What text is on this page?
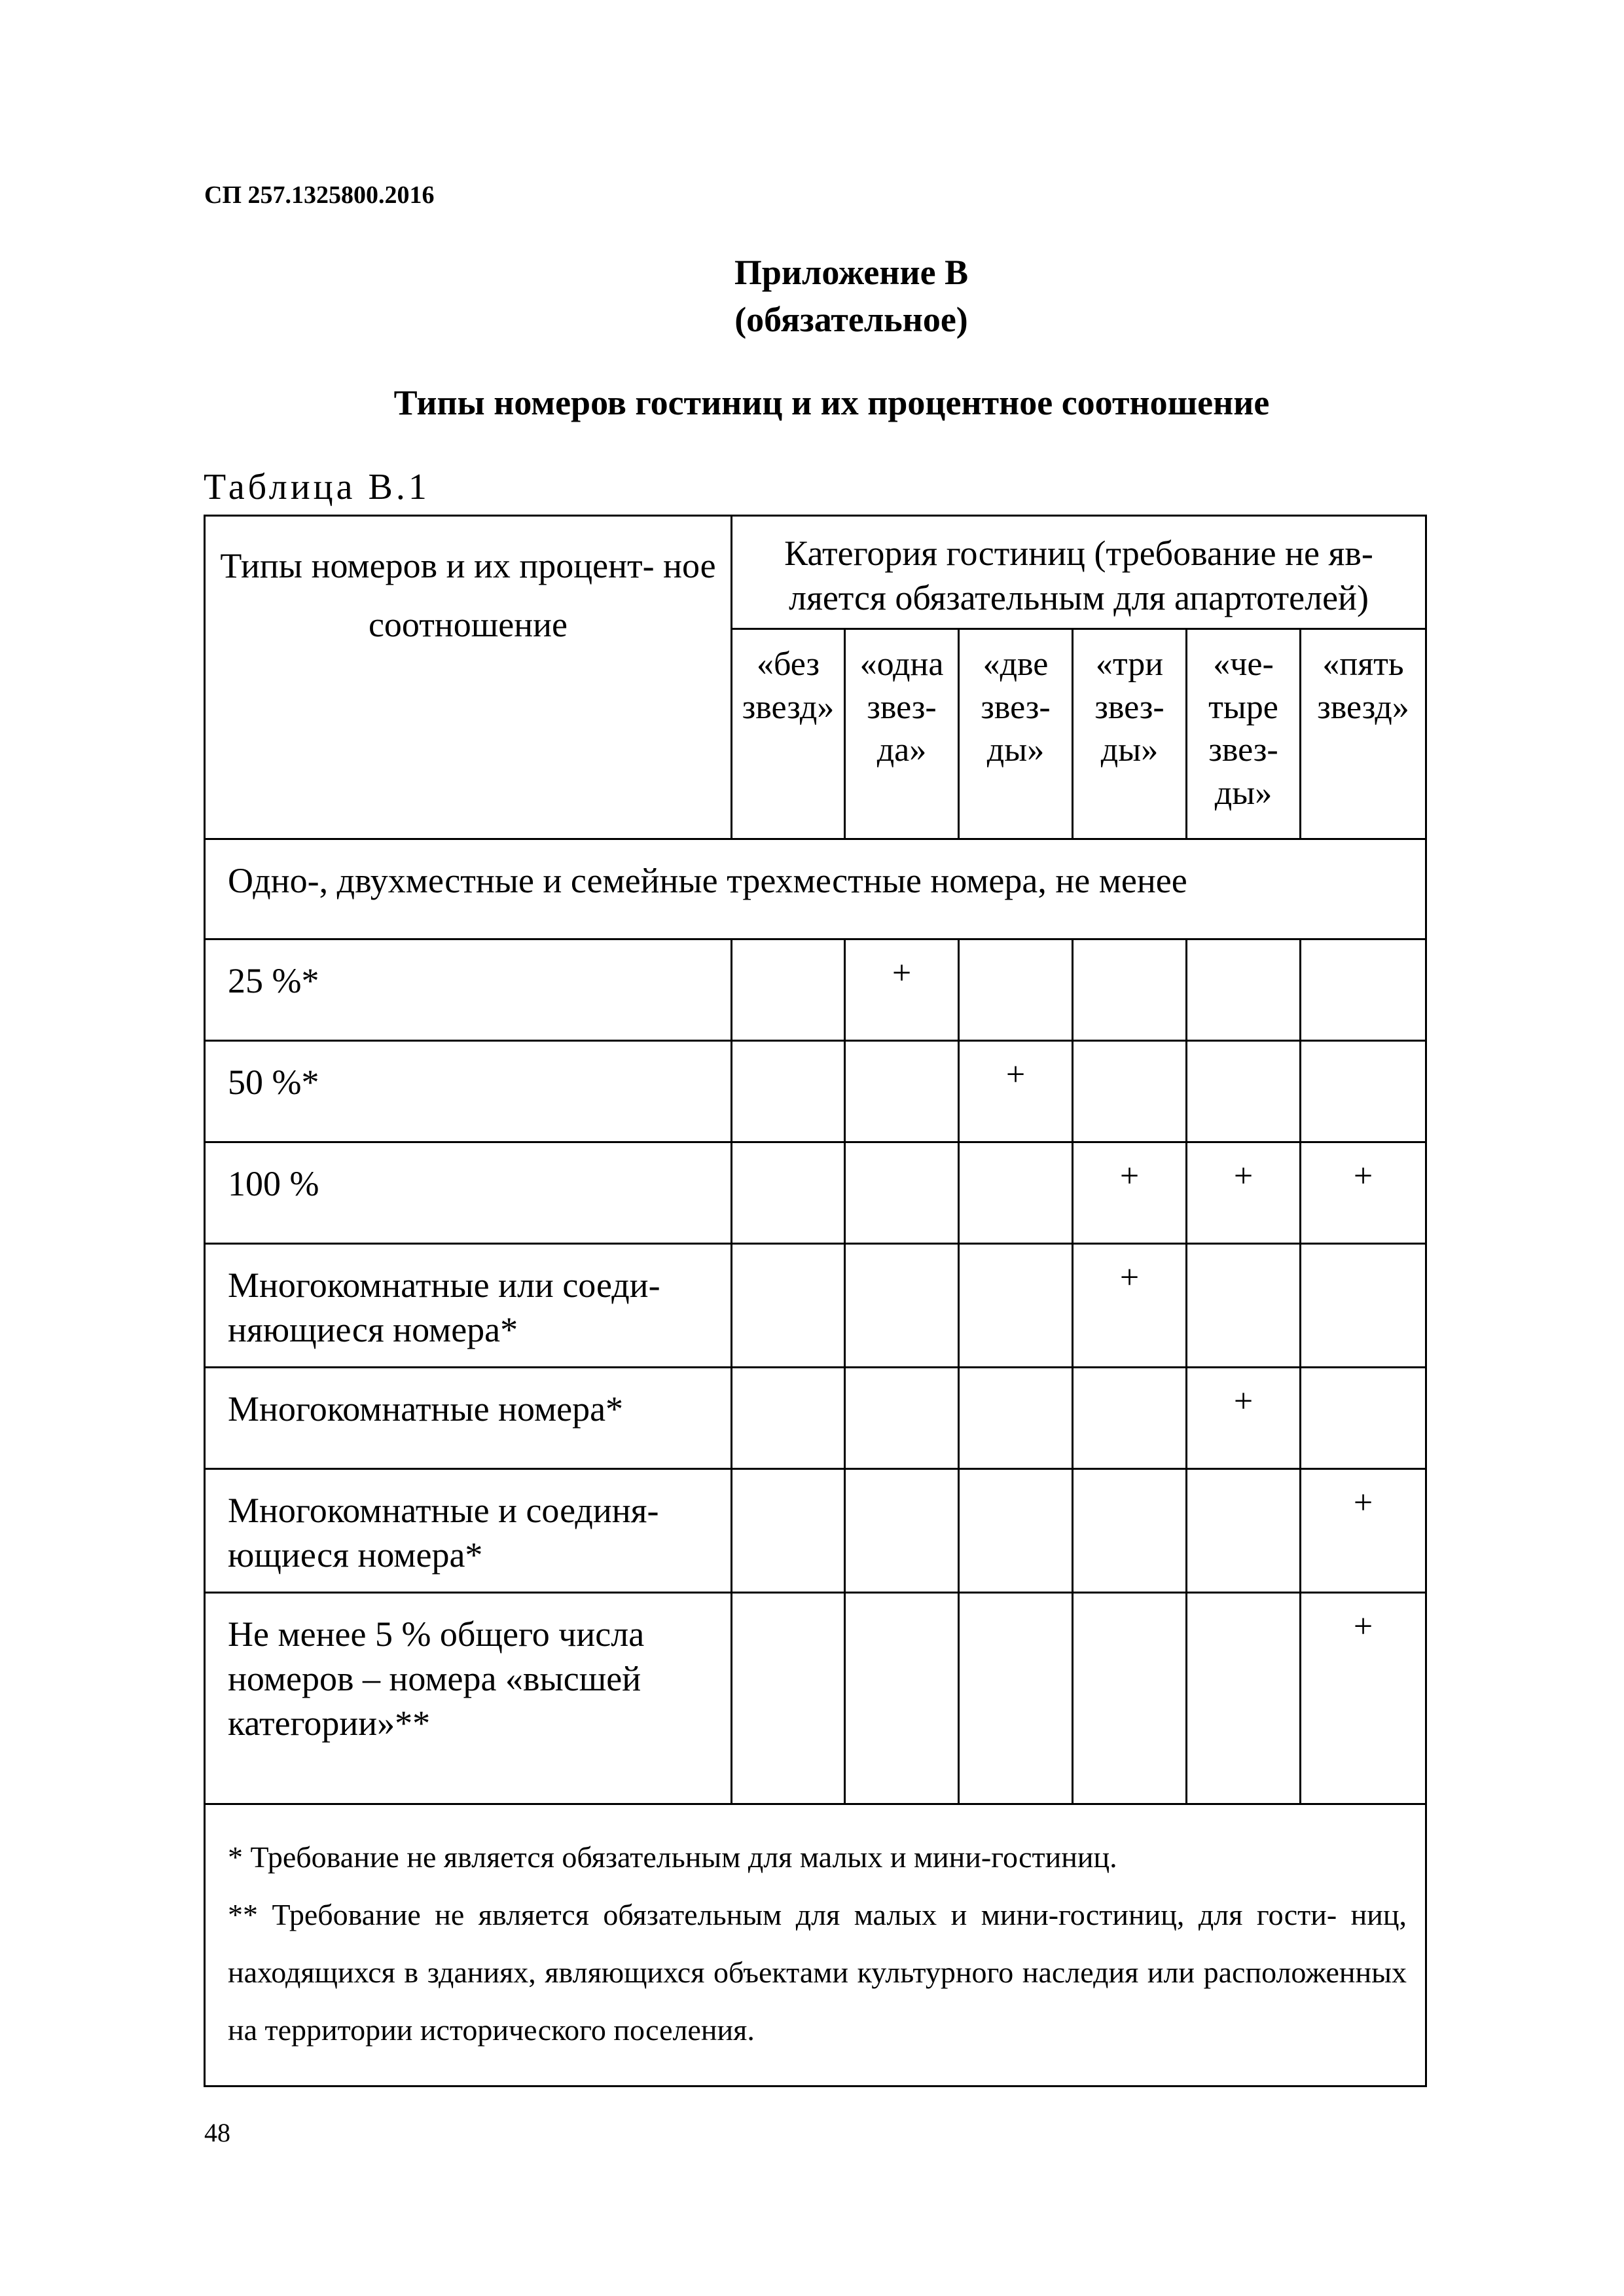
СП 257.1325800.2016
Приложение В
(обязательное)
Типы номеров гостиниц и их процентное соотношение
Таблица В.1
Типы номеров и их процент- ное соотношение	Категория гостиниц (требование не яв- ляется обязательным для апартотелей)					
	«без звезд»	«одна звез- да»	«две звез- ды»	«три звез- ды»	«че- тыре звез- ды»	«пять звезд»
Одно-, двухместные и семейные трехместные номера, не менее						
25 %*		+				
50 %*			+			
100 %				+	+	+
Многокомнатные или соеди- няющиеся номера*				+		
Многокомнатные номера*					+	
Многокомнатные и соединя- ющиеся номера*						+
Не менее 5 % общего числа номеров – номера «высшей категории»**						+

* Требование не является обязательным для малых и мини-гостиниц.
** Требование не является обязательным для малых и мини-гостиниц, для гости- ниц, находящихся в зданиях, являющихся объектами культурного наследия или расположенных на территории исторического поселения.						
48
